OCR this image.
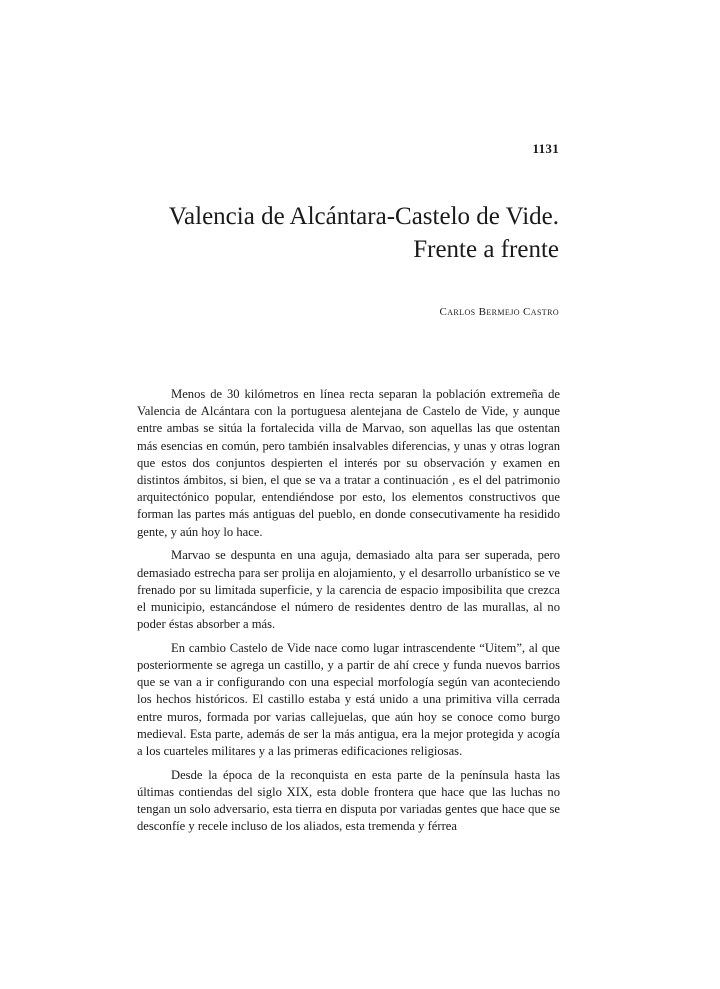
1131
Valencia de Alcántara-Castelo de Vide.
Frente a frente
Carlos Bermejo Castro

Menos de 30 kilómetros en línea recta separan la población extremeña de Valencia de Alcántara con la portuguesa alentejana de Castelo de Vide, y aunque entre ambas se sitúa la fortalecida villa de Marvao, son aquellas las que ostentan más esencias en común, pero también insalvables diferencias, y unas y otras logran que estos dos conjuntos despierten el interés por su observación y examen en distintos ámbitos, si bien, el que se va a tratar a continuación , es el del patrimonio arquitectónico popular, entendiéndose por esto, los elementos constructivos que forman las partes más antiguas del pueblo, en donde consecutivamente ha residido gente, y aún hoy lo hace.

Marvao se despunta en una aguja, demasiado alta para ser superada, pero demasiado estrecha para ser prolija en alojamiento, y el desarrollo urbanístico se ve frenado por su limitada superficie, y la carencia de espacio imposibilita que crezca el municipio, estancándose el número de residentes dentro de las murallas, al no poder éstas absorber a más.

En cambio Castelo de Vide nace como lugar intrascendente “Uitem”, al que posteriormente se agrega un castillo, y a partir de ahí crece y funda nuevos barrios que se van a ir configurando con una especial morfología según van aconteciendo los hechos históricos. El castillo estaba y está unido a una primitiva villa cerrada entre muros, formada por varias callejuelas, que aún hoy se conoce como burgo medieval. Esta parte, además de ser la más antigua, era la mejor protegida y acogía a los cuarteles militares y a las primeras edificaciones religiosas.

Desde la época de la reconquista en esta parte de la península hasta las últimas contiendas del siglo XIX, esta doble frontera que hace que las luchas no tengan un solo adversario, esta tierra en disputa por variadas gentes que hace que se desconfíe y recele incluso de los aliados, esta tremenda y férrea
